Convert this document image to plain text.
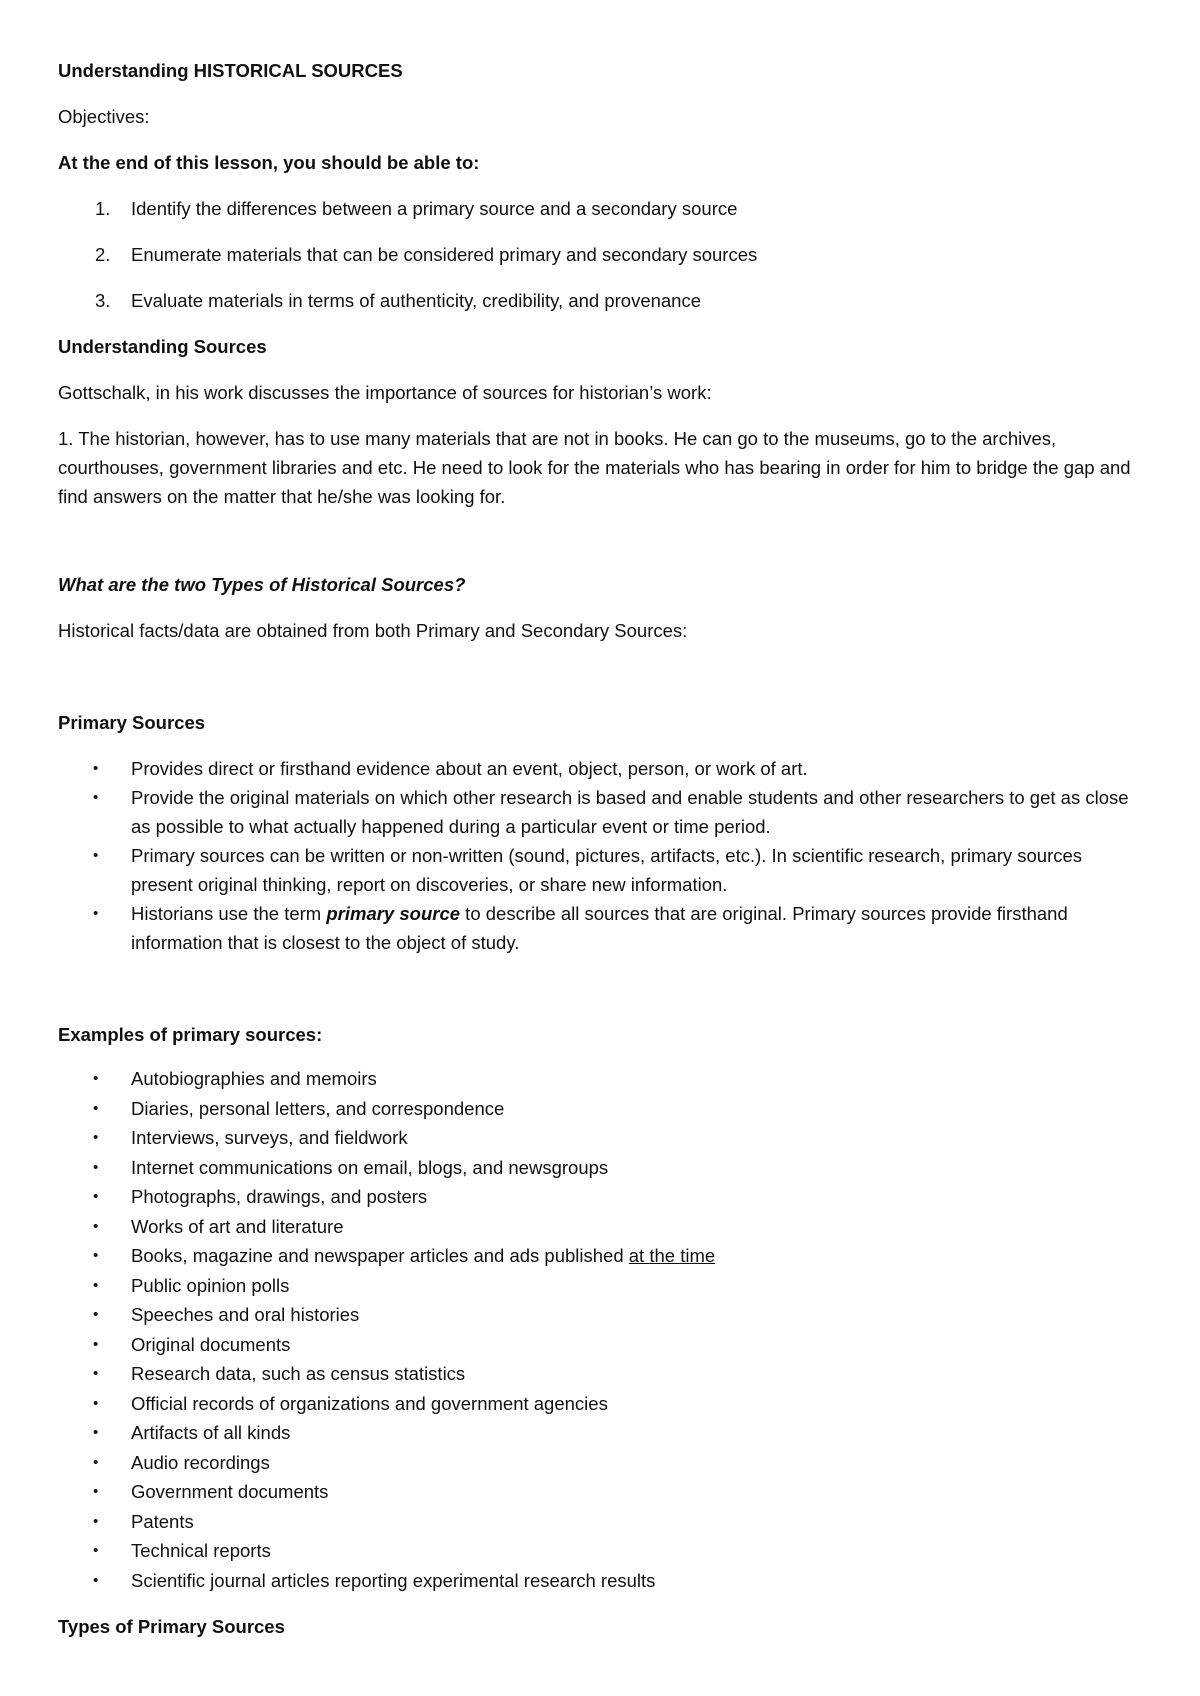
Understanding HISTORICAL SOURCES
Objectives:
At the end of this lesson, you should be able to:
1.	Identify the differences between a primary source and a secondary source
2.	Enumerate materials that can be considered primary and secondary sources
3.	Evaluate materials in terms of authenticity, credibility, and provenance
Understanding Sources
Gottschalk, in his work discusses the importance of sources for historian’s work:
1. The historian, however, has to use many materials that are not in books. He can go to the museums, go to the archives, courthouses, government libraries and etc. He need to look for the materials who has bearing in order for him to bridge the gap and find answers on the matter that he/she was looking for.
What are the two Types of Historical Sources?
Historical facts/data are obtained from both Primary and Secondary Sources:
Primary Sources
•	Provides direct or firsthand evidence about an event, object, person, or work of art.
•	Provide the original materials on which other research is based and enable students and other researchers to get as close as possible to what actually happened during a particular event or time period.
•	Primary sources can be written or non-written (sound, pictures, artifacts, etc.). In scientific research, primary sources present original thinking, report on discoveries, or share new information.
•	Historians use the term primary source to describe all sources that are original. Primary sources provide firsthand information that is closest to the object of study.
Examples of primary sources:
•	Autobiographies and memoirs
•	Diaries, personal letters, and correspondence
•	Interviews, surveys, and fieldwork
•	Internet communications on email, blogs, and newsgroups
•	Photographs, drawings, and posters
•	Works of art and literature
•	Books, magazine and newspaper articles and ads published at the time
•	Public opinion polls
•	Speeches and oral histories
•	Original documents
•	Research data, such as census statistics
•	Official records of organizations and government agencies
•	Artifacts of all kinds
•	Audio recordings
•	Government documents
•	Patents
•	Technical reports
•	Scientific journal articles reporting experimental research results
Types of Primary Sources
